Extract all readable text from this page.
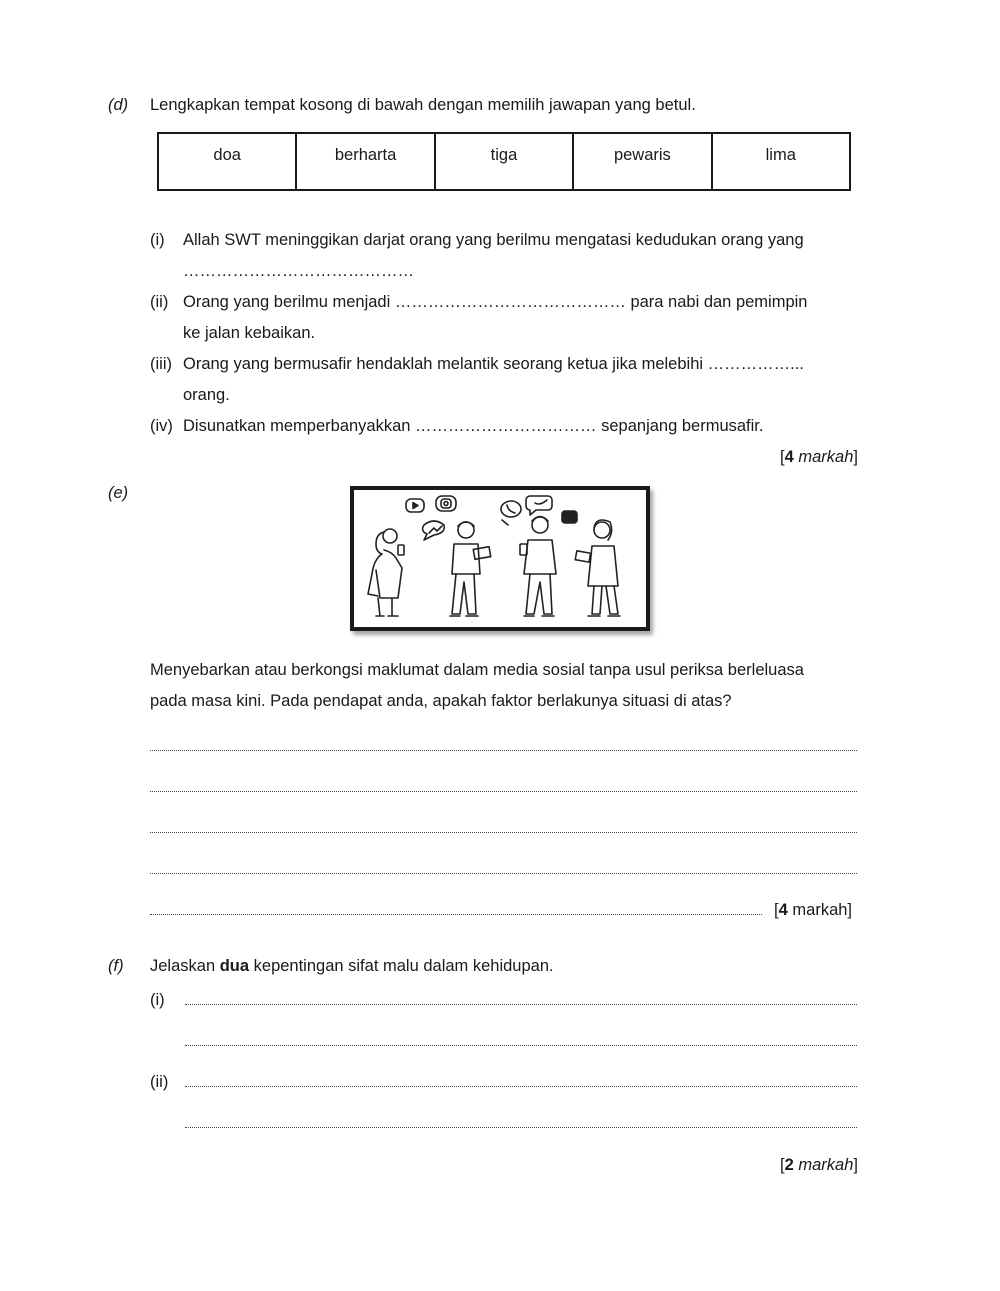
(d) Lengkapkan tempat kosong di bawah dengan memilih jawapan yang betul.
doa	berharta	tiga	pewaris	lima
(i) Allah SWT meninggikan darjat orang yang berilmu mengatasi kedudukan orang yang
……………………………………
(ii) Orang yang berilmu menjadi …………………………………… para nabi dan pemimpin
ke jalan kebaikan.
(iii) Orang yang bermusafir hendaklah melantik seorang ketua jika melebihi ……………...
orang.
(iv) Disunatkan memperbanyakkan …………………………… sepanjang bermusafir.
[4 markah]
(e)
Menyebarkan atau berkongsi maklumat dalam media sosial tanpa usul periksa berleluasa
pada masa kini. Pada pendapat anda, apakah faktor berlakunya situasi di atas?
[4 markah]
(f) Jelaskan dua kepentingan sifat malu dalam kehidupan.
(i)
(ii)
[2 markah]
